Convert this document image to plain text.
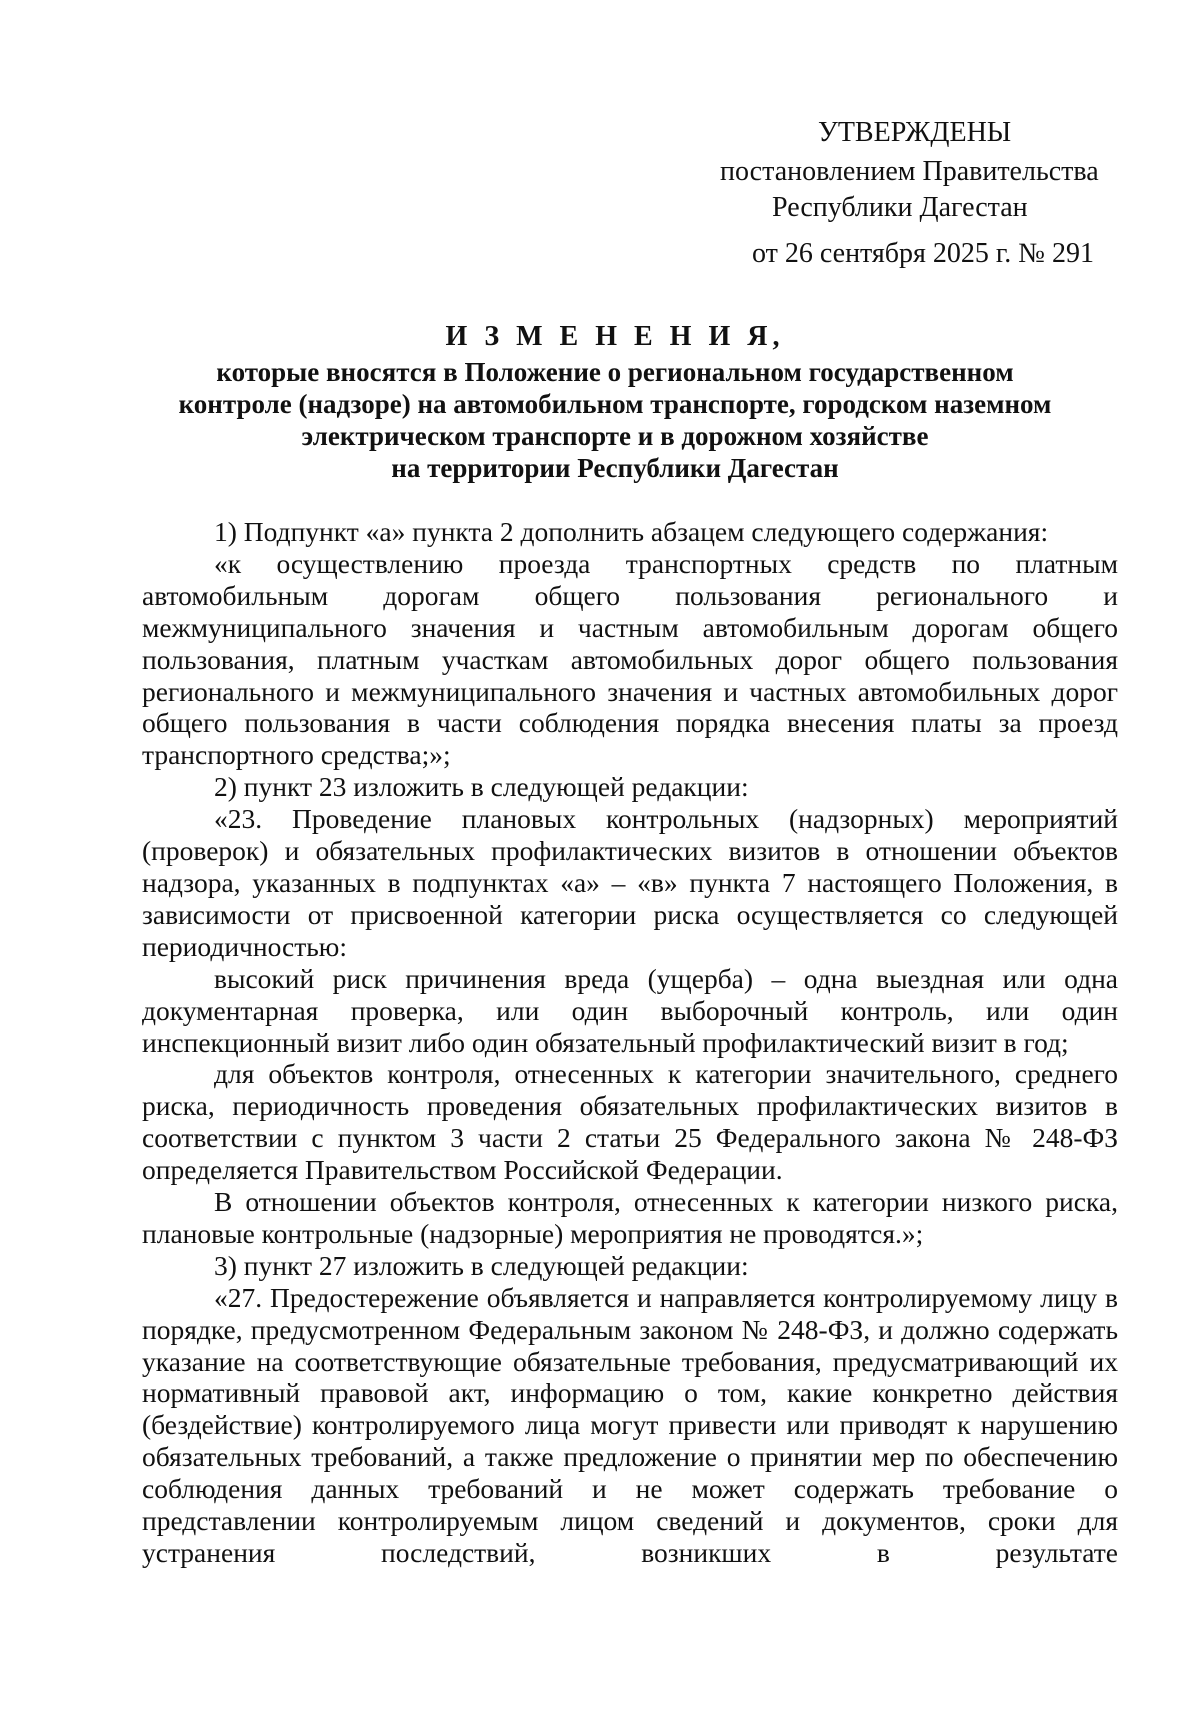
УТВЕРЖДЕНЫ
постановлением Правительства
Республики Дагестан
от 26 сентября 2025 г. № 291
И З М Е Н Е Н И Я,
которые вносятся в Положение о региональном государственном
контроле (надзоре) на автомобильном транспорте, городском наземном
электрическом транспорте и в дорожном хозяйстве
на территории Республики Дагестан

1) Подпункт «а» пункта 2 дополнить абзацем следующего содержания:

«к осуществлению проезда транспортных средств по платным автомобильным дорогам общего пользования регионального и межмуниципального значения и частным автомобильным дорогам общего пользования, платным участкам автомобильных дорог общего пользования регионального и межмуниципального значения и частных автомобильных дорог общего пользования в части соблюдения порядка внесения платы за проезд транспортного средства;»;

2) пункт 23 изложить в следующей редакции:

«23. Проведение плановых контрольных (надзорных) мероприятий (проверок) и обязательных профилактических визитов в отношении объектов надзора, указанных в подпунктах «а» – «в» пункта 7 настоящего Положения, в зависимости от присвоенной категории риска осуществляется со следующей периодичностью:

высокий риск причинения вреда (ущерба) – одна выездная или одна документарная проверка, или один выборочный контроль, или один инспекционный визит либо один обязательный профилактический визит в год;

для объектов контроля, отнесенных к категории значительного, среднего риска, периодичность проведения обязательных профилактических визитов в соответствии с пунктом 3 части 2 статьи 25 Федерального закона № 248-ФЗ определяется Правительством Российской Федерации.

В отношении объектов контроля, отнесенных к категории низкого риска, плановые контрольные (надзорные) мероприятия не проводятся.»;

3) пункт 27 изложить в следующей редакции:

«27. Предостережение объявляется и направляется контролируемому лицу в порядке, предусмотренном Федеральным законом № 248-ФЗ, и должно содержать указание на соответствующие обязательные требования, предусматривающий их нормативный правовой акт, информацию о том, какие конкретно действия (бездействие) контролируемого лица могут привести или приводят к нарушению обязательных требований, а также предложение о принятии мер по обеспечению соблюдения данных требований и не может содержать требование о представлении контролируемым лицом сведений и документов, сроки для устранения последствий, возникших в результате
